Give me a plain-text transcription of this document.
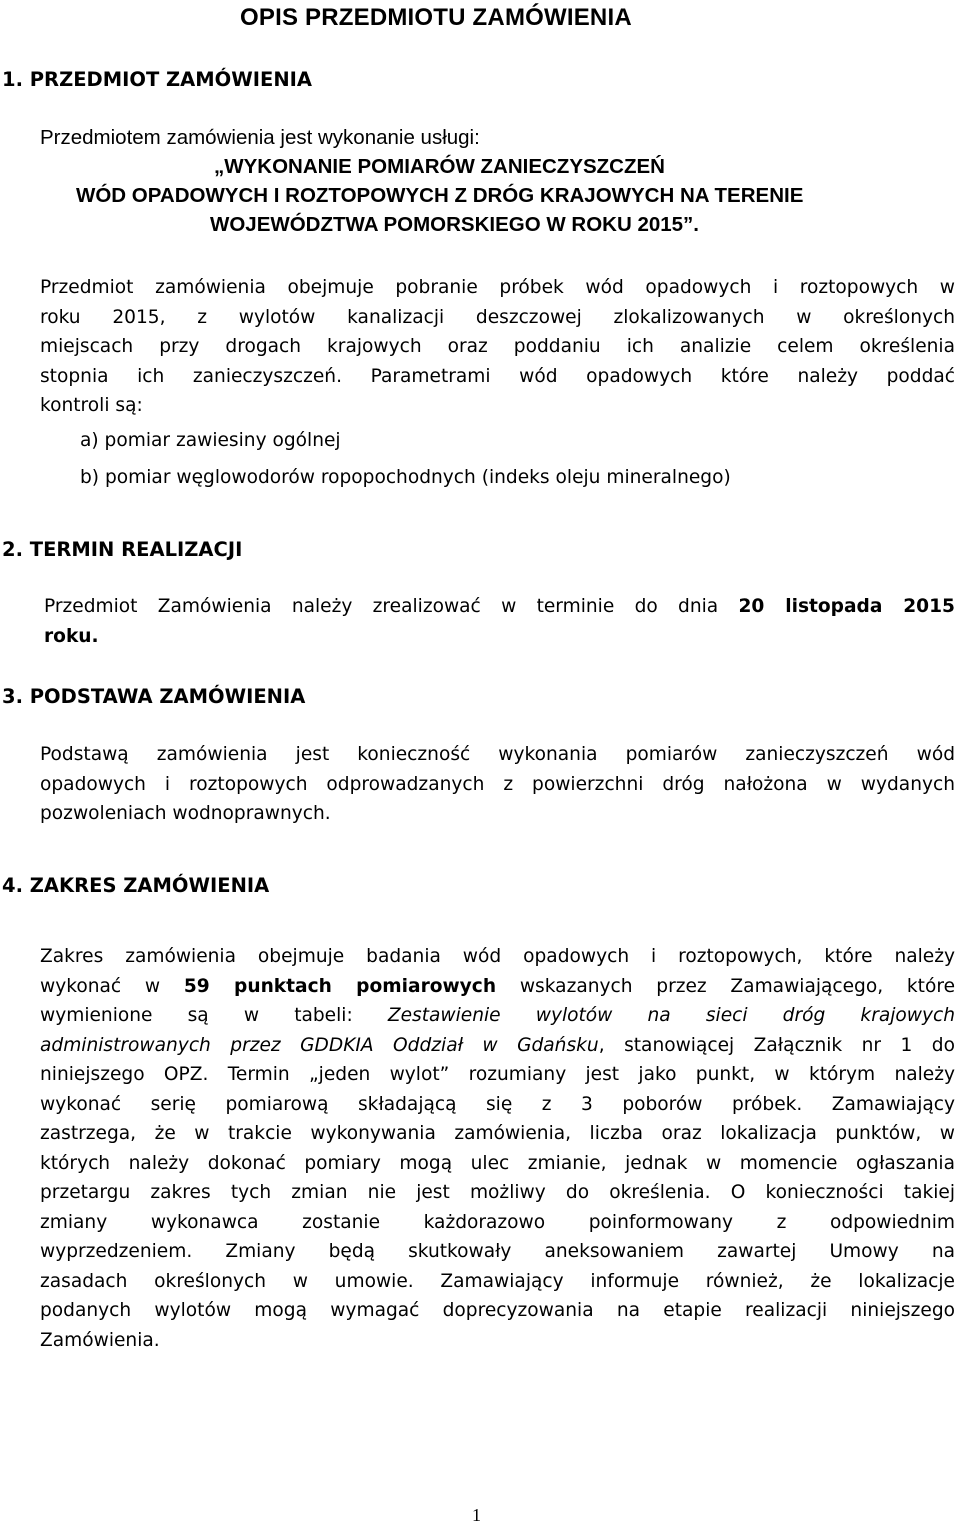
OPIS PRZEDMIOTU ZAMÓWIENIA
1. PRZEDMIOT ZAMÓWIENIA
Przedmiotem zamówienia jest wykonanie usługi:
„WYKONANIE POMIARÓW ZANIECZYSZCZEŃ
WÓD OPADOWYCH I ROZTOPOWYCH Z DRÓG KRAJOWYCH NA TERENIE
WOJEWÓDZTWA POMORSKIEGO W ROKU 2015”.
Przedmiot zamówienia obejmuje pobranie próbek wód opadowych i roztopowych w
roku 2015, z wylotów kanalizacji deszczowej zlokalizowanych w określonych
miejscach przy drogach krajowych oraz poddaniu ich analizie celem określenia
stopnia ich zanieczyszczeń. Parametrami wód opadowych które należy poddać
kontroli są:
a) pomiar zawiesiny ogólnej
b) pomiar węglowodorów ropopochodnych (indeks oleju mineralnego)
2. TERMIN REALIZACJI
Przedmiot Zamówienia należy zrealizować w terminie do dnia 20 listopada 2015
roku.
3. PODSTAWA ZAMÓWIENIA
Podstawą zamówienia jest konieczność wykonania pomiarów zanieczyszczeń wód
opadowych i roztopowych odprowadzanych z powierzchni dróg nałożona w wydanych
pozwoleniach wodnoprawnych.
4. ZAKRES ZAMÓWIENIA
Zakres zamówienia obejmuje badania wód opadowych i roztopowych, które należy
wykonać w 59 punktach pomiarowych wskazanych przez Zamawiającego, które
wymienione są w tabeli: Zestawienie wylotów na sieci dróg krajowych
administrowanych przez GDDKIA Oddział w Gdańsku, stanowiącej Załącznik nr 1 do
niniejszego OPZ. Termin „jeden wylot” rozumiany jest jako punkt, w którym należy
wykonać serię pomiarową składającą się z 3 poborów próbek. Zamawiający
zastrzega, że w trakcie wykonywania zamówienia, liczba oraz lokalizacja punktów, w
których należy dokonać pomiary mogą ulec zmianie, jednak w momencie ogłaszania
przetargu zakres tych zmian nie jest możliwy do określenia. O konieczności takiej
zmiany wykonawca zostanie każdorazowo poinformowany z odpowiednim
wyprzedzeniem. Zmiany będą skutkowały aneksowaniem zawartej Umowy na
zasadach określonych w umowie. Zamawiający informuje również, że lokalizacje
podanych wylotów mogą wymagać doprecyzowania na etapie realizacji niniejszego
Zamówienia.
1
